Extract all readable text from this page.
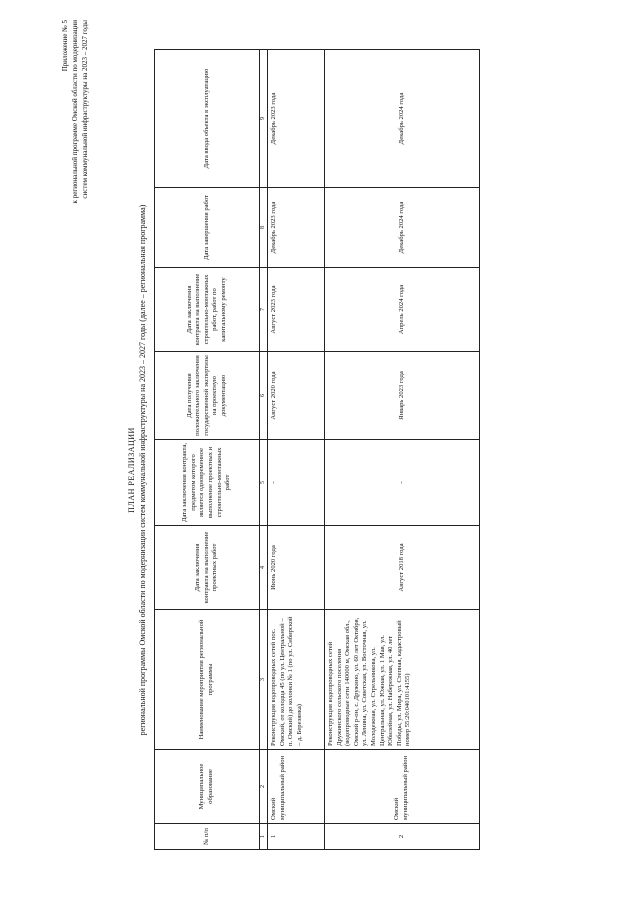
Приложение № 5 к региональной программе Омской области по модернизации систем коммунальной инфраструктуры на 2023 – 2027 годы
ПЛАН РЕАЛИЗАЦИИ региональной программы Омской области по модернизации систем коммунальной инфраструктуры на 2023 – 2027 годы (далее – региональная программа)
№ п/п	Муниципальное образование	Наименование мероприятия региональной программы	Дата заключения контракта на выполнение проектных работ	Дата заключения контракта, предметом которого является одновременное выполнение проектных и строительно-монтажных работ	Дата получения положительного заключения государственной экспертизы на проектную документацию	Дата заключения контракта на выполнение строительно-монтажных работ, работ по капитальному ремонту	Дата завершения работ	Дата ввода объекта в эксплуатацию
1	2	3	4	5	6	7	8	9
1	Омский муниципальный район	Реконструкция водопроводных сетей пос. Омский, от колодца 45 (по ул. Центральной – п. Омский) до колонки № 1 (по ул. Сибирской – д. Березянка)	Июнь 2020 года	-	Август 2020 года	Август 2023 года	Декабрь 2023 года	Декабрь 2023 года
2	Омский муниципальный район	Реконструкция водопроводных сетей Дружинского сельского поселения (водопроводные сети 140000 м, Омская обл., Омский р-он, с. Дружино, ул. 60 лет Октября, ул. Ленина, ул. Советская, ул. Восточная, ул. Молодежная, ул. Стрельникова, ул. Центральная, ул. Южная, ул. 1 Мая, ул. Юбилейная, ул. Набережная, ул. 40 лет Победы, ул. Мира, ул. Степная, кадастровый номер 55:20:040101:4155)	Август 2018 года	-	Январь 2023 года	Апрель 2024 года	Декабрь 2024 года	Декабрь 2024 года
